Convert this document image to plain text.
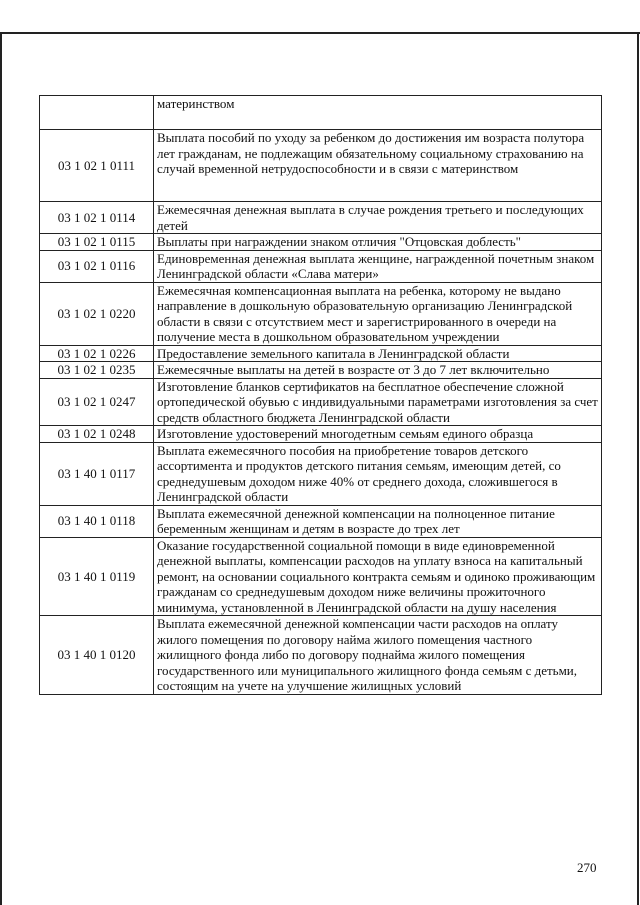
	материнством
03 1 02 1 0111	Выплата пособий по уходу за ребенком до достижения им возраста полутора лет гражданам, не подлежащим обязательному социальному страхованию на случай временной нетрудоспособности и в связи с материнством
03 1 02 1 0114	Ежемесячная денежная выплата в случае рождения третьего и последующих детей
03 1 02 1 0115	Выплаты при награждении знаком отличия "Отцовская доблесть"
03 1 02 1 0116	Единовременная денежная выплата женщине, награжденной почетным знаком Ленинградской области «Слава матери»
03 1 02 1 0220	Ежемесячная компенсационная выплата на ребенка, которому не выдано направление в дошкольную образовательную организацию Ленинградской области в связи с отсутствием мест и зарегистрированного в очереди на получение места в дошкольном образовательном учреждении
03 1 02 1 0226	Предоставление земельного капитала в Ленинградской области
03 1 02 1 0235	Ежемесячные выплаты на детей в возрасте от 3 до 7 лет включительно
03 1 02 1 0247	Изготовление бланков сертификатов на бесплатное обеспечение сложной ортопедической обувью с индивидуальными параметрами изготовления за счет средств областного бюджета Ленинградской области
03 1 02 1 0248	Изготовление удостоверений многодетным семьям единого образца
03 1 40 1 0117	Выплата ежемесячного пособия на приобретение товаров детского ассортимента и продуктов детского питания семьям, имеющим детей, со среднедушевым доходом ниже 40% от среднего дохода, сложившегося в Ленинградской области
03 1 40 1 0118	Выплата ежемесячной денежной компенсации на полноценное питание беременным женщинам и детям в возрасте до трех лет
03 1 40 1 0119	Оказание государственной социальной помощи в виде единовременной денежной выплаты, компенсации расходов на уплату взноса на капитальный ремонт, на основании социального контракта семьям и одиноко проживающим гражданам со среднедушевым доходом ниже величины прожиточного минимума, установленной в Ленинградской области на душу населения
03 1 40 1 0120	Выплата ежемесячной денежной компенсации части расходов на оплату жилого помещения по договору найма жилого помещения частного жилищного фонда либо по договору поднайма жилого помещения государственного или муниципального жилищного фонда семьям с детьми, состоящим на учете на улучшение жилищных условий
270
